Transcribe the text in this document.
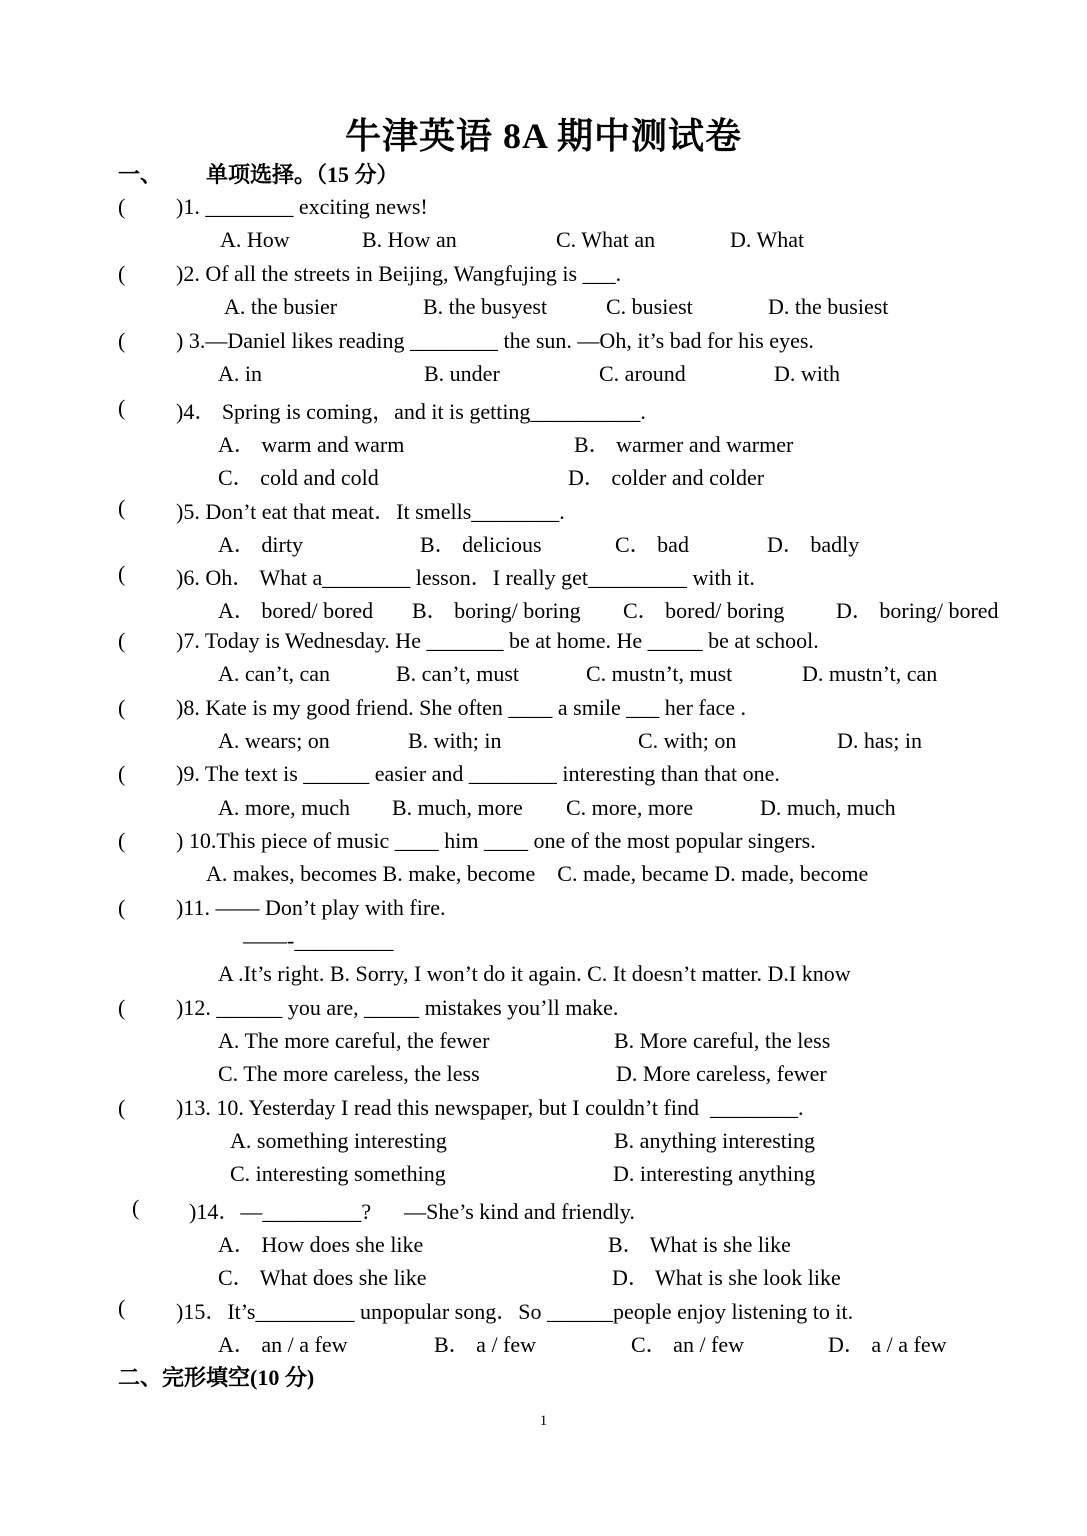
牛津英语 8A 期中测试卷
一、 单项选择。（15 分）
( )1. ________ exciting news!
A. How	B. How an	C. What an	D. What
( )2. Of all the streets in Beijing, Wangfujing is ___.
A. the busier	B. the busyest	C. busiest	D. the busiest
( ) 3.—Daniel likes reading ________ the sun. —Oh, it’s bad for his eyes.
A. in	B. under	C. around	D. with
( )4． Spring is coming，and it is getting__________.
A． warm and warm	B． warmer and warmer
C． cold and cold	D． colder and colder
( )5. Don’t eat that meat．It smells________.
A． dirty	B． delicious	C． bad	D． badly
( )6. Oh． What a________ lesson．I really get_________ with it.
A． bored/ bored B． boring/ boring C． bored/ boring D． boring/ bored
( )7. Today is Wednesday. He _______ be at home. He _____ be at school.
A. can’t, can	B. can’t, must	C. mustn’t, must	D. mustn’t, can
( )8. Kate is my good friend. She often ____ a smile ___ her face .
A. wears; on	B. with; in	C. with; on	D. has; in
( )9. The text is ______ easier and ________ interesting than that one.
A. more, much B. much, more C. more, more	D. much, much
( ) 10.This piece of music ____ him ____ one of the most popular singers.
A. makes, becomes B. make, become    C. made, became D. made, become
( )11. —— Don’t play with fire.
——-_________
A .It’s right. B. Sorry, I won’t do it again. C. It doesn’t matter. D.I know
( )12. ______ you are, _____ mistakes you’ll make.
A. The more careful, the fewer	B. More careful, the less
C. The more careless, the less	D. More careless, fewer
( )13. 10. Yesterday I read this newspaper, but I couldn’t find  ________.
A. something interesting	B. anything interesting
C. interesting something	D. interesting anything
( )14．—_________?      —She’s kind and friendly.
A． How does she like	B． What is she like
C． What does she like	D． What is she look like
( )15．It’s_________ unpopular song．So ______people enjoy listening to it.
A． an / a few	B． a / few	C． an / few	D． a / a few
二、完形填空(10 分)
1
